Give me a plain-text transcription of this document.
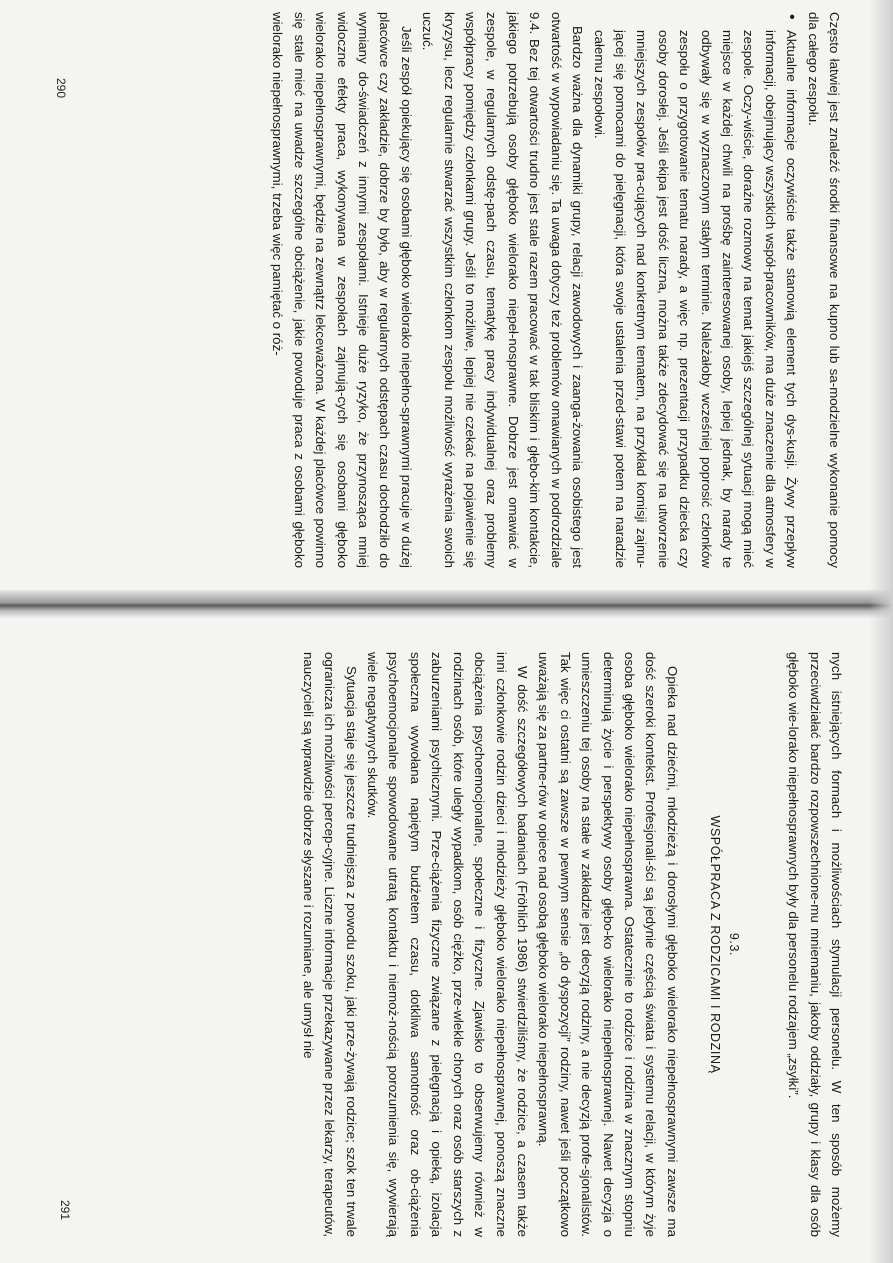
Często łatwiej jest znaleźć środki finansowe na kupno lub sa-modzielne wykonanie pomocy dla całego zespołu.

• Aktualne informacje oczywiście także stanowią element tych dys-kusji. Żywy przepływ informacji, obejmujący wszystkich współ-pracowników, ma duże znaczenie dla atmosfery w zespole. Oczy-wiście, doraźne rozmowy na temat jakiejś szczególnej sytuacji mogą mieć miejsce w każdej chwili na prośbę zainteresowanej osoby, lepiej jednak, by narady te odbywały się w wyznaczonym stałym terminie. Należałoby wcześniej poprosić członków zespołu o przygotowanie tematu narady, a więc np. prezentacji przypadku dziecka czy osoby dorosłej. Jeśli ekipa jest dość liczna, można także zdecydować się na utworzenie mniejszych zespołów pra-cujących nad konkretnym tematem, na przykład komisji zajmu-jącej się pomocami do pielęgnacji, która swoje ustalenia przed-stawi potem na naradzie całemu zespołowi.

Bardzo ważna dla dynamiki grupy, relacji zawodowych i zaanga-żowania osobistego jest otwartość w wypowiadaniu się. Ta uwaga dotyczy też problemów omawianych w podrozdziale 9.4. Bez tej otwartości trudno jest stale razem pracować w tak bliskim i głębo-kim kontakcie, jakiego potrzebują osoby głęboko wielorako niepeł-nosprawne. Dobrze jest omawiać w zespole, w regularnych odstę-pach czasu, tematykę pracy indywidualnej oraz problemy współpracy pomiędzy członkami grupy. Jeśli to możliwe, lepiej nie czekać na pojawienie się kryzysu, lecz regularnie stwarzać wszystkim członkom zespołu możliwość wyrażenia swoich uczuć.

Jeśli zespół opiekujący się osobami głęboko wielorako niepełno-sprawnymi pracuje w dużej placówce czy zakładzie, dobrze by było, aby w regularnych odstępach czasu dochodziło do wymiany do-świadczeń z innymi zespołami. Istnieje duże ryzyko, że przynosząca mniej widoczne efekty praca, wykonywana w zespołach zajmują-cych się osobami głęboko wielorako niepełnosprawnymi, będzie na zewnątrz lekceważona. W każdej placówce powinno się stale mieć na uwadze szczególne obciążenie, jakie powoduje praca z osobami głęboko wielorako niepełnosprawnymi, trzeba więc pamiętać o róż-

290

nych istniejących formach i możliwościach stymulacji personelu. W ten sposób możemy przeciwdziałać bardzo rozpowszechnione-mu mniemaniu, jakoby oddziały, grupy i klasy dla osób głęboko wie-lorako niepełnosprawnych były dla personelu rodzajem „zsyłki”.

9.3.
WSPÓŁPRACA Z RODZICAMI I RODZINĄ

Opieka nad dziećmi, młodzieżą i dorosłymi głęboko wielorako niepełnosprawnymi zawsze ma dość szeroki kontekst. Profesjonali-ści są jedynie częścią świata i systemu relacji, w którym żyje osoba głęboko wielorako niepełnosprawna. Ostatecznie to rodzice i rodzina w znacznym stopniu determinują życie i perspektywy osoby głębo-ko wielorako niepełnosprawnej. Nawet decyzja o umieszczeniu tej osoby na stałe w zakładzie jest decyzją rodziny, a nie decyzją profe-sjonalistów. Tak więc ci ostatni są zawsze w pewnym sensie „do dyspozycji” rodziny, nawet jeśli początkowo uważają się za partne-rów w opiece nad osobą głęboko wielorako niepełnosprawną.

W dość szczegółowych badaniach (Fröhlich 1986) stwierdziliśmy, że rodzice, a czasem także inni członkowie rodzin dzieci i młodzieży głęboko wielorako niepełnosprawnej, ponoszą znaczne obciążenia psychoemocjonalne, społeczne i fizyczne. Zjawisko to obserwujemy również w rodzinach osób, które uległy wypadkom, osób ciężko, prze-wlekle chorych oraz osób starszych z zaburzeniami psychicznymi. Prze-ciążenia fizyczne związane z pielęgnacją i opieką, izolacja społeczna wywołana napiętym budżetem czasu, dotkliwa samotność oraz ob-ciążenia psychoemocjonalne spowodowane utratą kontaktu i niemoż-nością porozumienia się, wywierają wiele negatywnych skutków.

Sytuacja staje się jeszcze trudniejsza z powodu szoku, jaki prze-żywają rodzice; szok ten trwale ogranicza ich możliwości percep-cyjne. Liczne informacje przekazywane przez lekarzy, terapeutów, nauczycieli są wprawdzie dobrze słyszane i rozumiane, ale umysł nie

291
